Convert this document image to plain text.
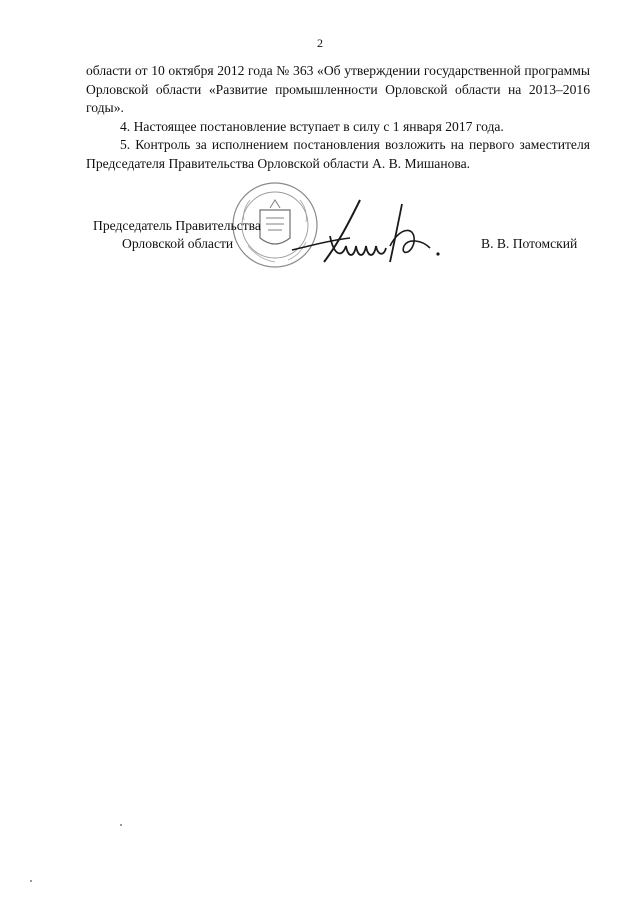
2

области от 10 октября 2012 года № 363 «Об утверждении государственной программы Орловской области «Развитие промышленности Орловской области на 2013–2016 годы».

4. Настоящее постановление вступает в силу с 1 января 2017 года.

5. Контроль за исполнением постановления возложить на первого заместителя Председателя Правительства Орловской области А. В. Мишанова.

Председатель Правительства
Орловской области	В. В. Потомский
